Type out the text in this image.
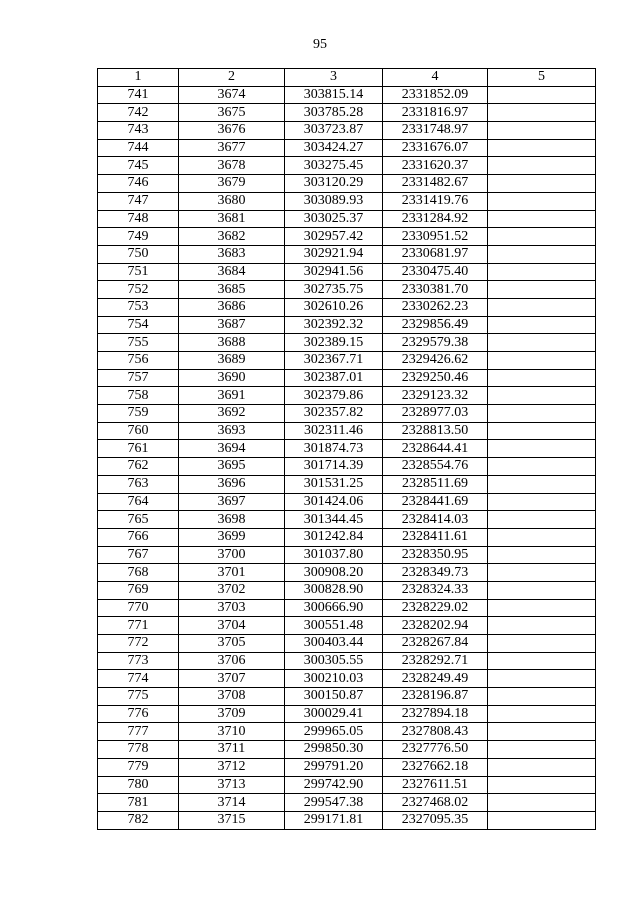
95
1	2	3	4	5
741	3674	303815.14	2331852.09	
742	3675	303785.28	2331816.97	
743	3676	303723.87	2331748.97	
744	3677	303424.27	2331676.07	
745	3678	303275.45	2331620.37	
746	3679	303120.29	2331482.67	
747	3680	303089.93	2331419.76	
748	3681	303025.37	2331284.92	
749	3682	302957.42	2330951.52	
750	3683	302921.94	2330681.97	
751	3684	302941.56	2330475.40	
752	3685	302735.75	2330381.70	
753	3686	302610.26	2330262.23	
754	3687	302392.32	2329856.49	
755	3688	302389.15	2329579.38	
756	3689	302367.71	2329426.62	
757	3690	302387.01	2329250.46	
758	3691	302379.86	2329123.32	
759	3692	302357.82	2328977.03	
760	3693	302311.46	2328813.50	
761	3694	301874.73	2328644.41	
762	3695	301714.39	2328554.76	
763	3696	301531.25	2328511.69	
764	3697	301424.06	2328441.69	
765	3698	301344.45	2328414.03	
766	3699	301242.84	2328411.61	
767	3700	301037.80	2328350.95	
768	3701	300908.20	2328349.73	
769	3702	300828.90	2328324.33	
770	3703	300666.90	2328229.02	
771	3704	300551.48	2328202.94	
772	3705	300403.44	2328267.84	
773	3706	300305.55	2328292.71	
774	3707	300210.03	2328249.49	
775	3708	300150.87	2328196.87	
776	3709	300029.41	2327894.18	
777	3710	299965.05	2327808.43	
778	3711	299850.30	2327776.50	
779	3712	299791.20	2327662.18	
780	3713	299742.90	2327611.51	
781	3714	299547.38	2327468.02	
782	3715	299171.81	2327095.35	
